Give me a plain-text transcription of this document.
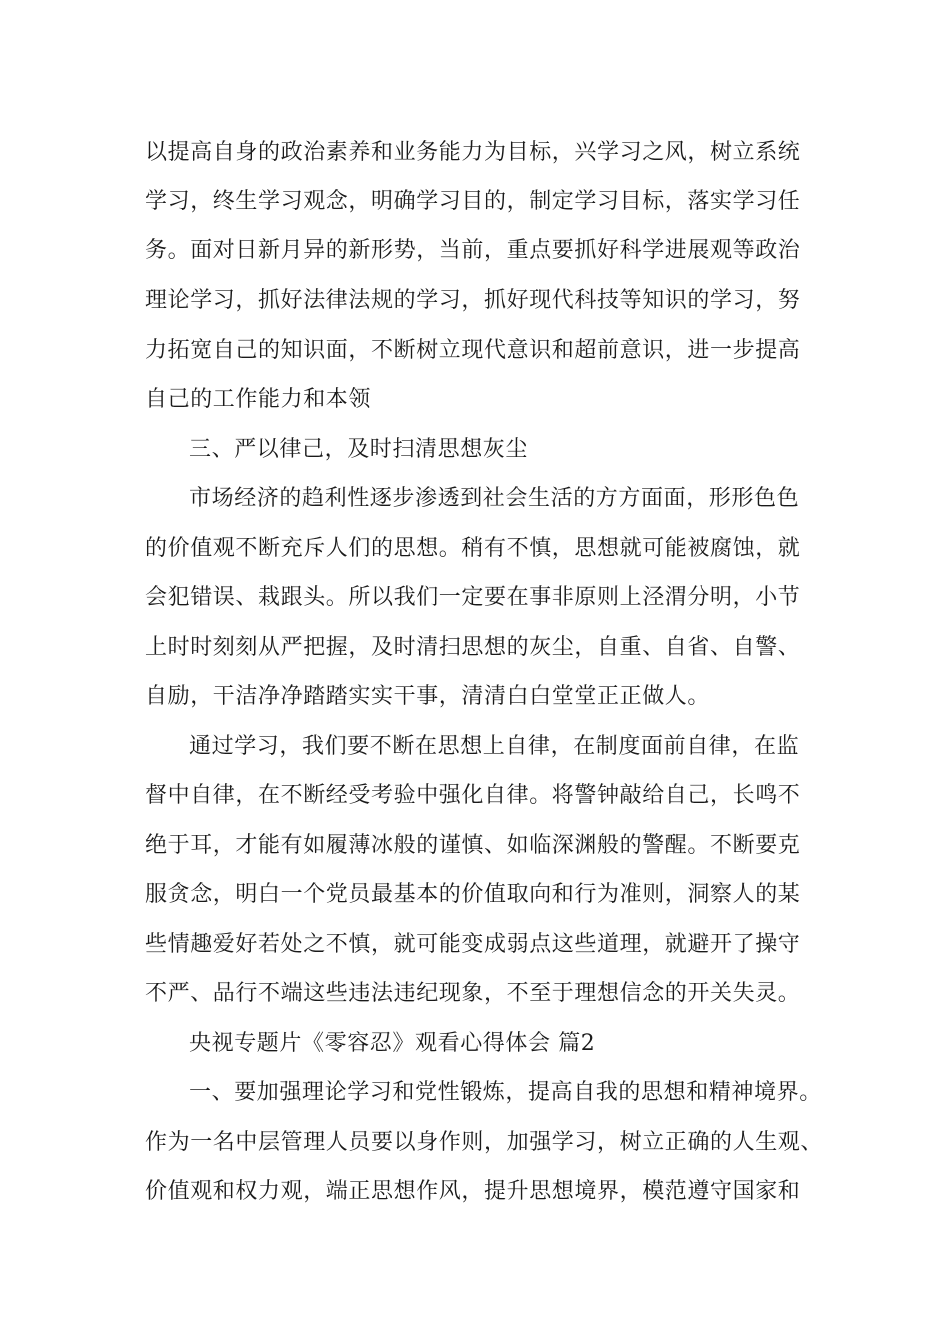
以提高自身的政治素养和业务能力为目标，兴学习之风，树立系统
学习，终生学习观念，明确学习目的，制定学习目标，落实学习任
务。面对日新月异的新形势，当前，重点要抓好科学进展观等政治
理论学习，抓好法律法规的学习，抓好现代科技等知识的学习，努
力拓宽自己的知识面，不断树立现代意识和超前意识，进一步提高
自己的工作能力和本领
三、严以律己，及时扫清思想灰尘
市场经济的趋利性逐步渗透到社会生活的方方面面，形形色色
的价值观不断充斥人们的思想。稍有不慎，思想就可能被腐蚀，就
会犯错误、栽跟头。所以我们一定要在事非原则上泾渭分明，小节
上时时刻刻从严把握，及时清扫思想的灰尘，自重、自省、自警、
自励，干洁净净踏踏实实干事，清清白白堂堂正正做人。
通过学习，我们要不断在思想上自律，在制度面前自律，在监
督中自律，在不断经受考验中强化自律。将警钟敲给自己，长鸣不
绝于耳，才能有如履薄冰般的谨慎、如临深渊般的警醒。不断要克
服贪念，明白一个党员最基本的价值取向和行为准则，洞察人的某
些情趣爱好若处之不慎，就可能变成弱点这些道理，就避开了操守
不严、品行不端这些违法违纪现象，不至于理想信念的开关失灵。
央视专题片《零容忍》观看心得体会 篇2
一、要加强理论学习和党性锻炼，提高自我的思想和精神境界。
作为一名中层管理人员要以身作则，加强学习，树立正确的人生观、
价值观和权力观，端正思想作风，提升思想境界，模范遵守国家和
